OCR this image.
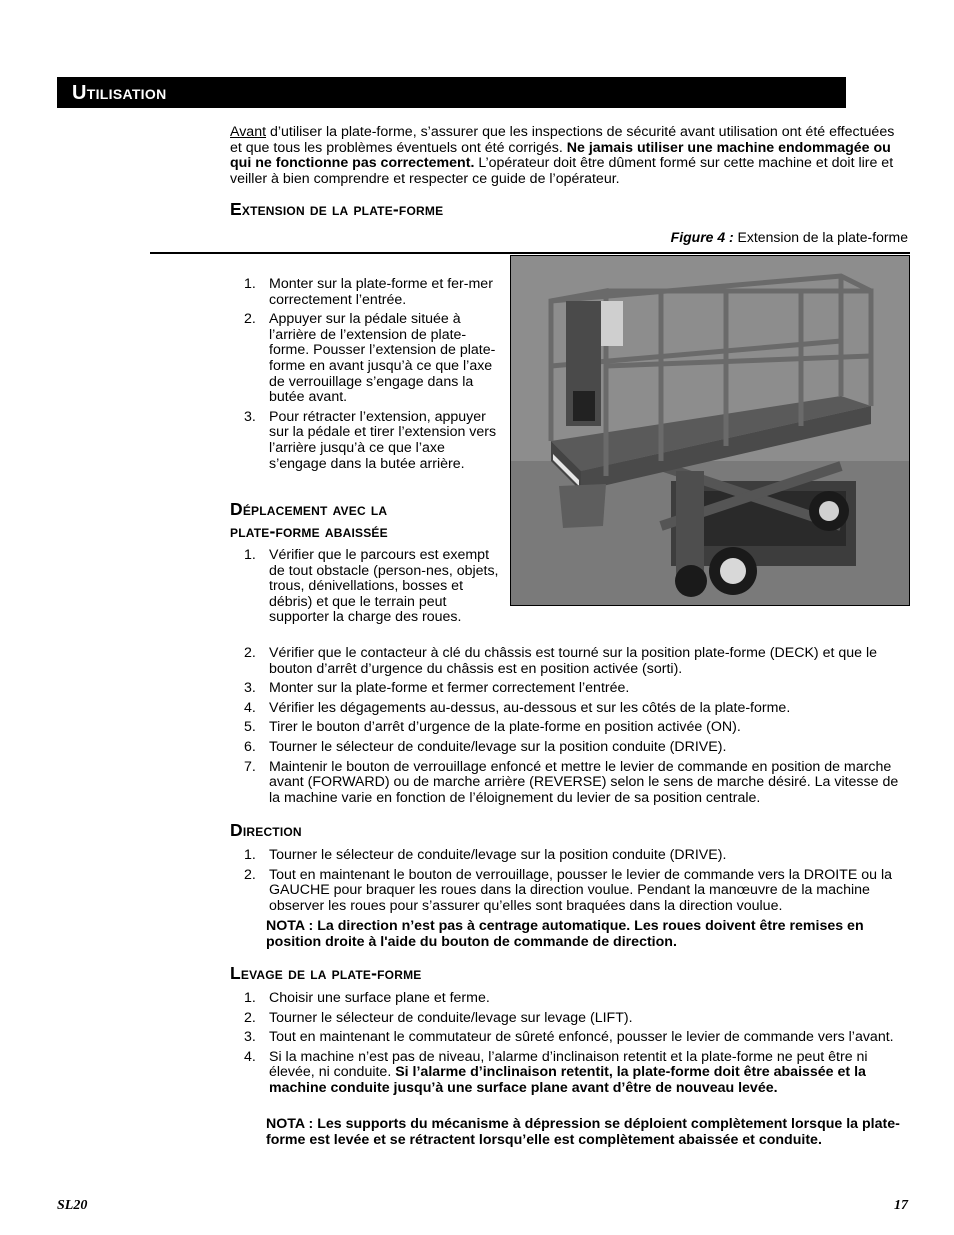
Utilisation
Avant d’utiliser la plate-forme, s’assurer que les inspections de sécurité avant utilisation ont été effectuées et que tous les problèmes éventuels ont été corrigés. Ne jamais utiliser une machine endommagée ou qui ne fonctionne pas correctement. L’opérateur doit être dûment formé sur cette machine et doit lire et veiller à bien comprendre et respecter ce guide de l’opérateur.
Extension de la plate-forme
Figure 4 : Extension de la plate-forme
1. Monter sur la plate-forme et fer-mer correctement l’entrée.
2. Appuyer sur la pédale située à l’arrière de l’extension de plate-forme. Pousser l’extension de plate-forme en avant jusqu’à ce que l’axe de verrouillage s’engage dans la butée avant.
3. Pour rétracter l’extension, appuyer sur la pédale et tirer l’extension vers l’arrière jusqu’à ce que l’axe s’engage dans la butée arrière.
Déplacement avec la
plate-forme abaissée
1. Vérifier que le parcours est exempt de tout obstacle (person-nes, objets, trous, dénivellations, bosses et débris) et que le terrain peut supporter la charge des roues.
2. Vérifier que le contacteur à clé du châssis est tourné sur la position plate-forme (DECK) et que le bouton d’arrêt d’urgence du châssis est en position activée (sorti).
3. Monter sur la plate-forme et fermer correctement l’entrée.
4. Vérifier les dégagements au-dessus, au-dessous et sur les côtés de la plate-forme.
5. Tirer le bouton d’arrêt d’urgence de la plate-forme en position activée (ON).
6. Tourner le sélecteur de conduite/levage sur la position conduite (DRIVE).
7. Maintenir le bouton de verrouillage enfoncé et mettre le levier de commande en position de marche avant (FORWARD) ou de marche arrière (REVERSE) selon le sens de marche désiré. La vitesse de la machine varie en fonction de l’éloignement du levier de sa position centrale.
Direction
1. Tourner le sélecteur de conduite/levage sur la position conduite (DRIVE).
2. Tout en maintenant le bouton de verrouillage, pousser le levier de commande vers la DROITE ou la GAUCHE pour braquer les roues dans la direction voulue. Pendant la manœuvre de la machine observer les roues pour s’assurer qu’elles sont braquées dans la direction voulue.
NOTA : La direction n’est pas à centrage automatique. Les roues doivent être remises en position droite à l'aide du bouton de commande de direction.
Levage de la plate-forme
1. Choisir une surface plane et ferme.
2. Tourner le sélecteur de conduite/levage sur levage (LIFT).
3. Tout en maintenant le commutateur de sûreté enfoncé, pousser le levier de commande vers l’avant.
4. Si la machine n’est pas de niveau, l’alarme d’inclinaison retentit et la plate-forme ne peut être ni élevée, ni conduite. Si l’alarme d’inclinaison retentit, la plate-forme doit être abaissée et la machine conduite jusqu’à une surface plane avant d’être de nouveau levée.
NOTA : Les supports du mécanisme à dépression se déploient complètement lorsque la plate-forme est levée et se rétractent lorsqu’elle est complètement abaissée et conduite.
SL20	17
